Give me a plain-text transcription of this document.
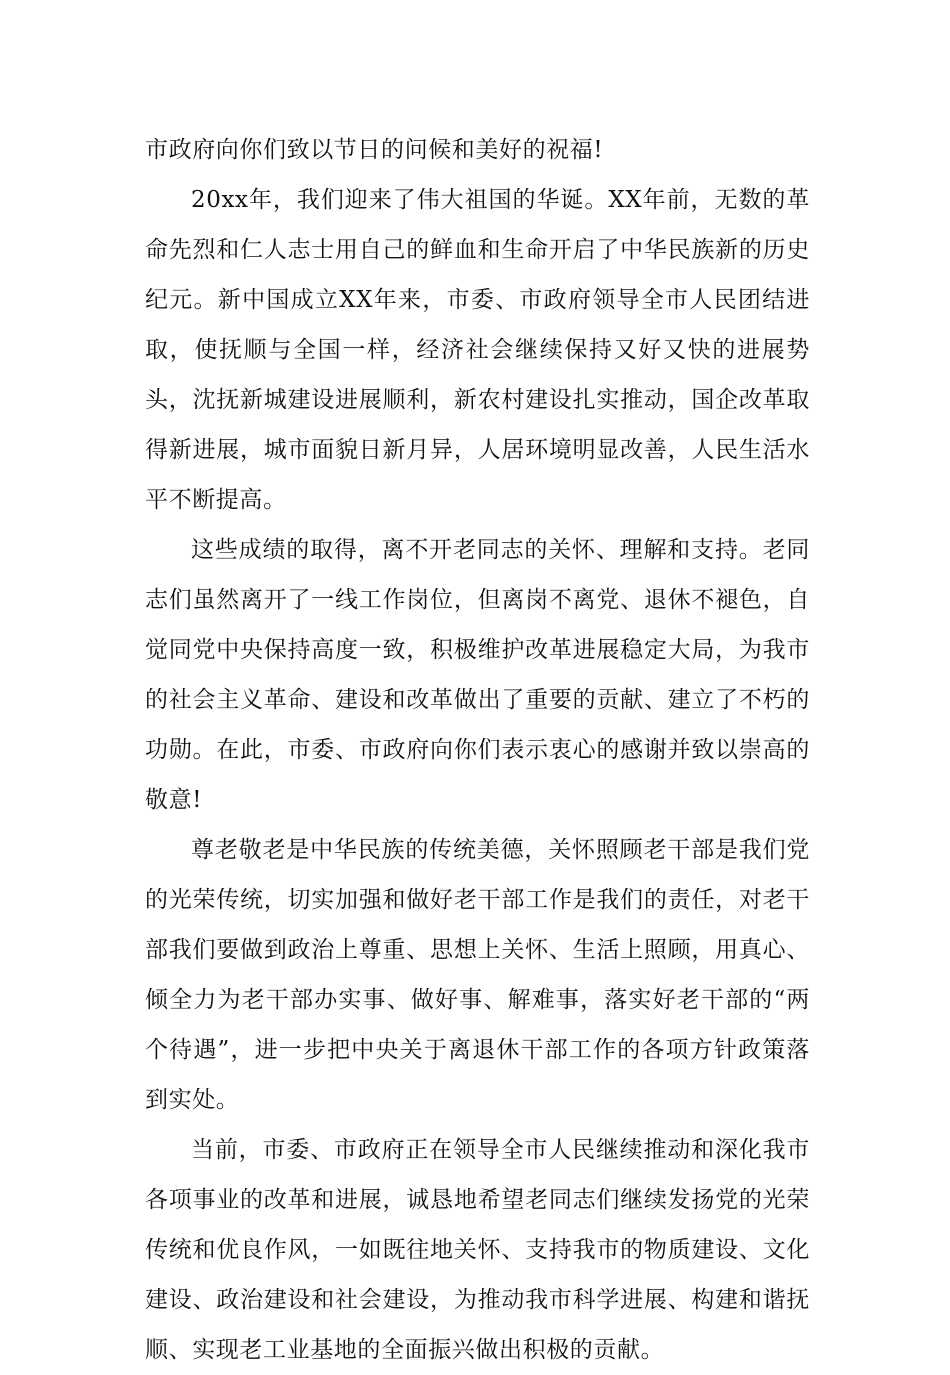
市政府向你们致以节日的问候和美好的祝福!

20xx年，我们迎来了伟大祖国的华诞。XX年前，无数的革命先烈和仁人志士用自己的鲜血和生命开启了中华民族新的历史纪元。新中国成立XX年来，市委、市政府领导全市人民团结进取，使抚顺与全国一样，经济社会继续保持又好又快的进展势头，沈抚新城建设进展顺利，新农村建设扎实推动，国企改革取得新进展，城市面貌日新月异，人居环境明显改善，人民生活水平不断提高。

这些成绩的取得，离不开老同志的关怀、理解和支持。老同志们虽然离开了一线工作岗位，但离岗不离党、退休不褪色，自觉同党中央保持高度一致，积极维护改革进展稳定大局，为我市的社会主义革命、建设和改革做出了重要的贡献、建立了不朽的功勋。在此，市委、市政府向你们表示衷心的感谢并致以崇高的敬意!

尊老敬老是中华民族的传统美德，关怀照顾老干部是我们党的光荣传统，切实加强和做好老干部工作是我们的责任，对老干部我们要做到政治上尊重、思想上关怀、生活上照顾，用真心、倾全力为老干部办实事、做好事、解难事，落实好老干部的“两个待遇”，进一步把中央关于离退休干部工作的各项方针政策落到实处。

当前，市委、市政府正在领导全市人民继续推动和深化我市各项事业的改革和进展，诚恳地希望老同志们继续发扬党的光荣传统和优良作风，一如既往地关怀、支持我市的物质建设、文化建设、政治建设和社会建设，为推动我市科学进展、构建和谐抚顺、实现老工业基地的全面振兴做出积极的贡献。
